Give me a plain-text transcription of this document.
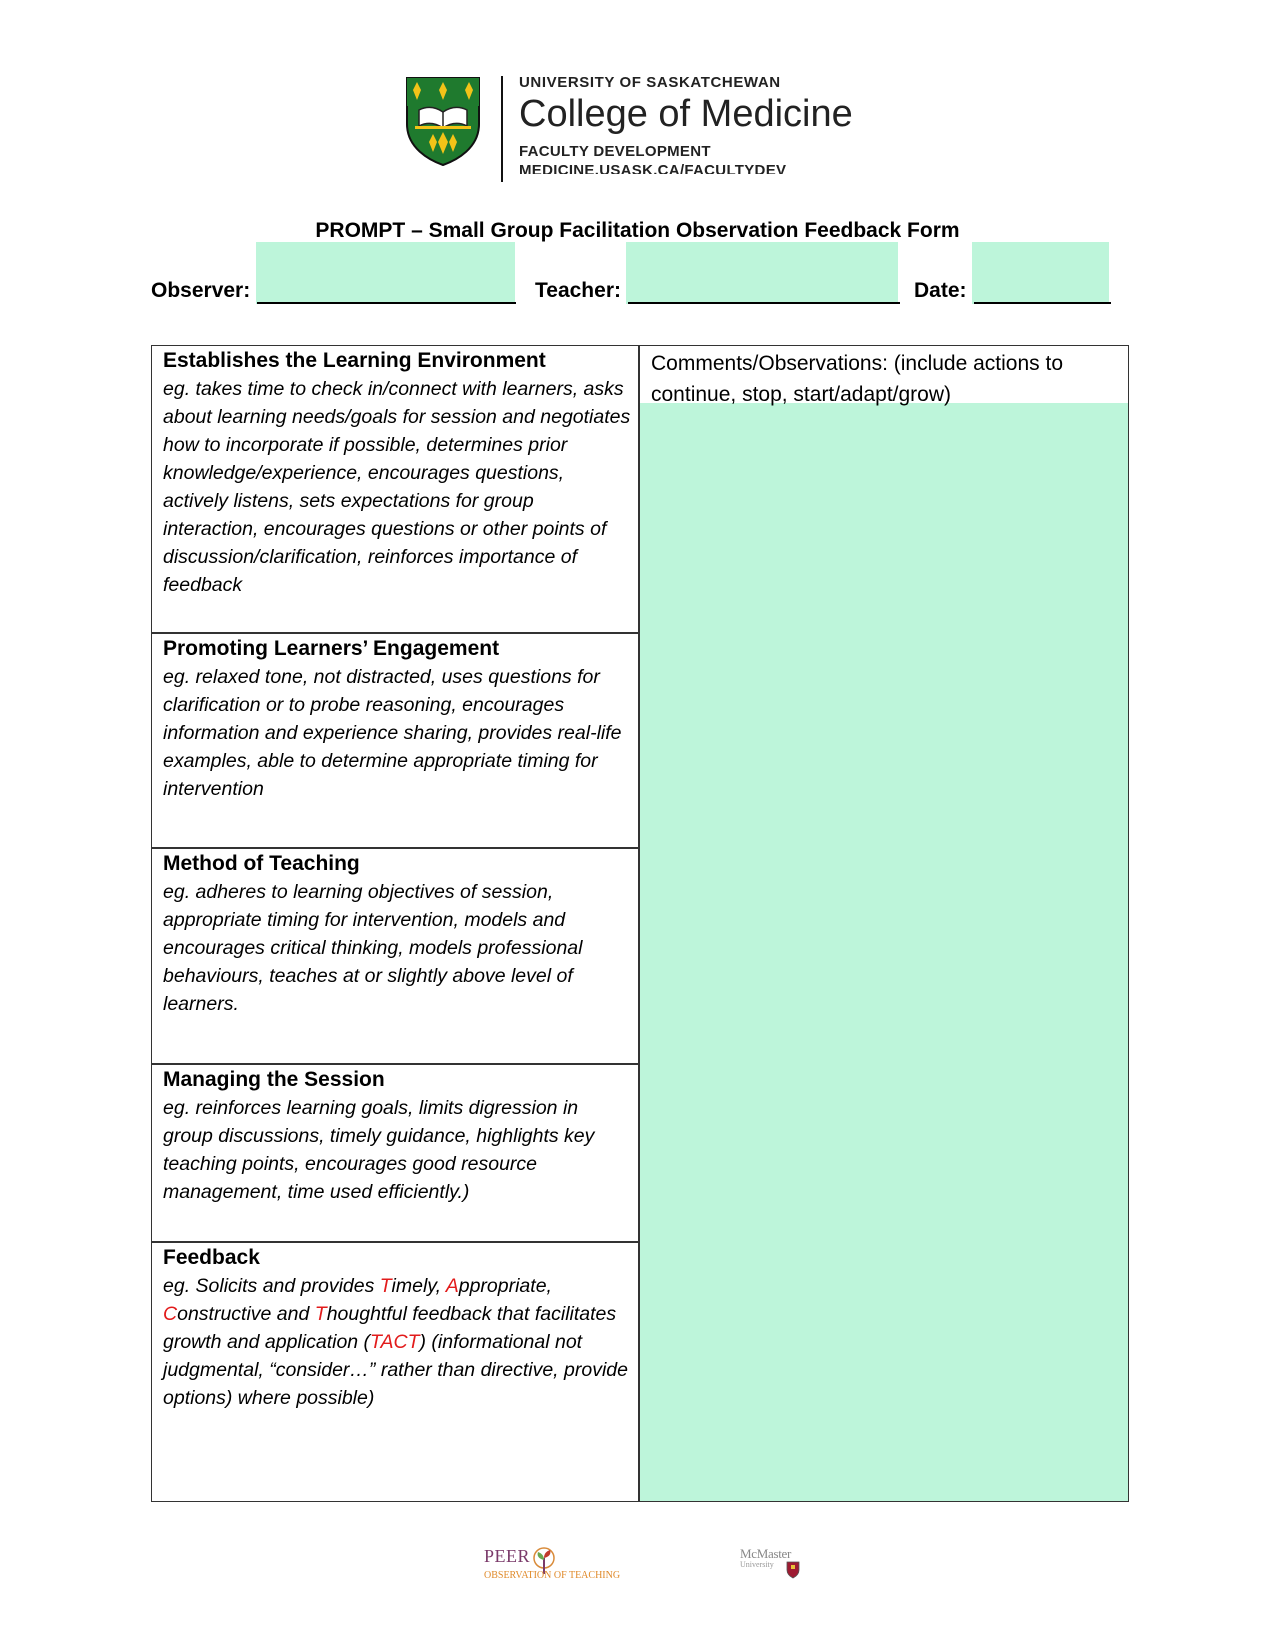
UNIVERSITY OF SASKATCHEWAN
College of Medicine
FACULTY DEVELOPMENT
MEDICINE.USASK.CA/FACULTYDEV
PROMPT – Small Group Facilitation Observation Feedback Form
Observer:	Teacher:	Date:
Comments/Observations: (include actions to continue, stop, start/adapt/grow)
Establishes the Learning Environment
eg. takes time to check in/connect with learners, asks about learning needs/goals for session and negotiates how to incorporate if possible, determines prior knowledge/experience, encourages questions, actively listens, sets expectations for group interaction, encourages questions or other points of discussion/clarification, reinforces importance of feedback
Promoting Learners’ Engagement
eg. relaxed tone, not distracted, uses questions for clarification or to probe reasoning, encourages information and experience sharing, provides real-life examples, able to determine appropriate timing for intervention
Method of Teaching
eg. adheres to learning objectives of session, appropriate timing for intervention, models and encourages critical thinking, models professional behaviours, teaches at or slightly above level of learners.
Managing the Session
eg. reinforces learning goals, limits digression in group discussions, timely guidance, highlights key teaching points, encourages good resource management, time used efficiently.)
Feedback
eg. Solicits and provides Timely, Appropriate, Constructive and Thoughtful feedback that facilitates growth and application (TACT) (informational not judgmental, “consider…” rather than directive, provide options) where possible)
PEER
OBSERVATION OF TEACHING
McMaster
University
